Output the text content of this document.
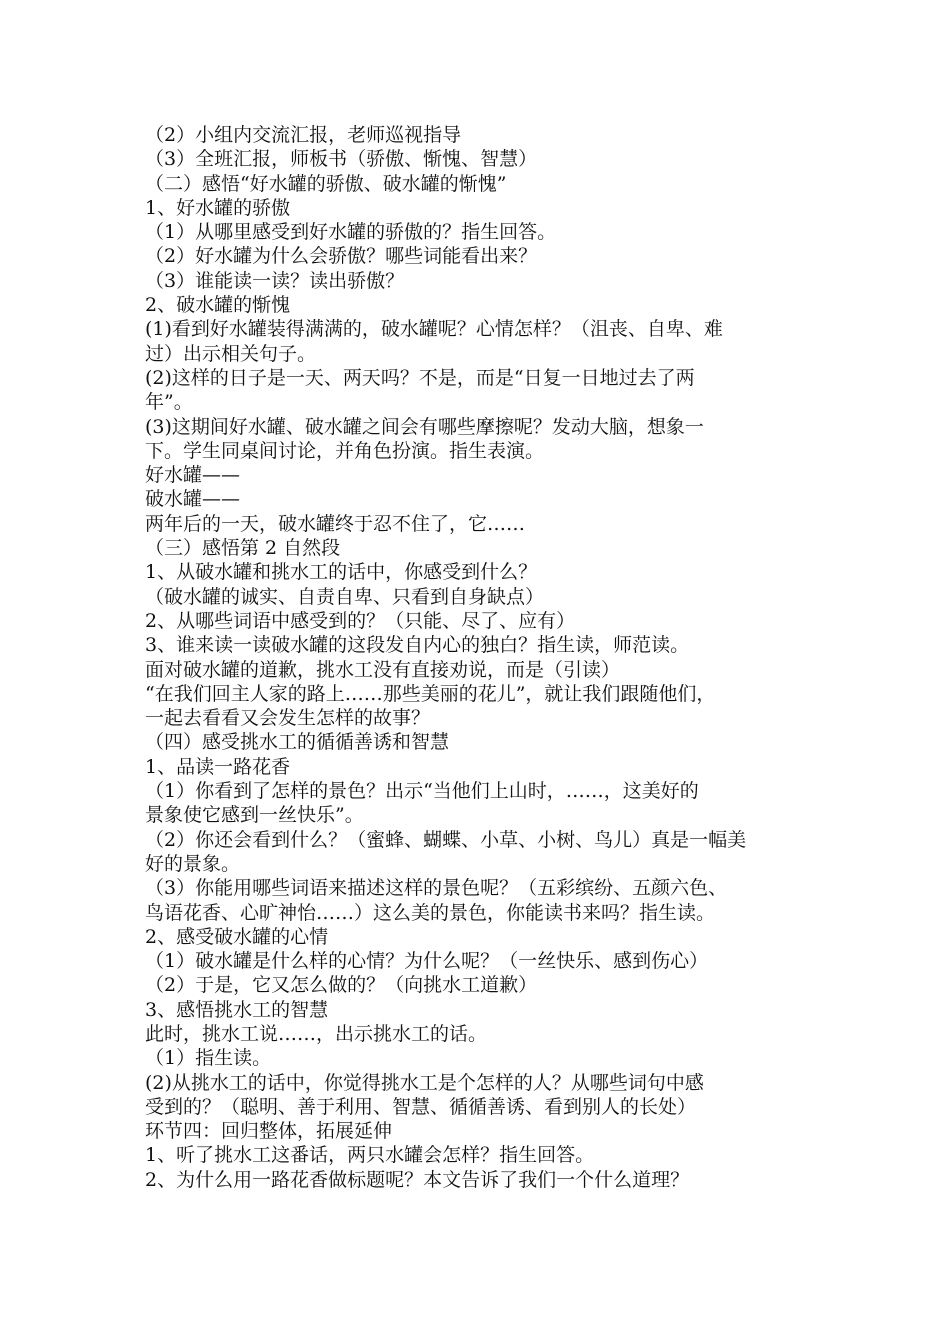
（2）小组内交流汇报，老师巡视指导
（3）全班汇报，师板书（骄傲、惭愧、智慧）
（二）感悟“好水罐的骄傲、破水罐的惭愧”
1、好水罐的骄傲
（1）从哪里感受到好水罐的骄傲的？指生回答。
（2）好水罐为什么会骄傲？哪些词能看出来？
（3）谁能读一读？读出骄傲？
2、破水罐的惭愧
(1)看到好水罐装得满满的，破水罐呢？心情怎样？（沮丧、自卑、难
过）出示相关句子。
(2)这样的日子是一天、两天吗？不是，而是“日复一日地过去了两
年”。
(3)这期间好水罐、破水罐之间会有哪些摩擦呢？发动大脑，想象一
下。学生同桌间讨论，并角色扮演。指生表演。
好水罐——
破水罐——
两年后的一天，破水罐终于忍不住了，它……
（三）感悟第 2 自然段
1、从破水罐和挑水工的话中，你感受到什么？
（破水罐的诚实、自责自卑、只看到自身缺点）
2、从哪些词语中感受到的？（只能、尽了、应有）
3、谁来读一读破水罐的这段发自内心的独白？指生读，师范读。
面对破水罐的道歉，挑水工没有直接劝说，而是（引读）
“在我们回主人家的路上……那些美丽的花儿”，就让我们跟随他们，
一起去看看又会发生怎样的故事？
（四）感受挑水工的循循善诱和智慧
1、品读一路花香
（1）你看到了怎样的景色？出示“当他们上山时，……，这美好的
景象使它感到一丝快乐”。
（2）你还会看到什么？（蜜蜂、蝴蝶、小草、小树、鸟儿）真是一幅美
好的景象。
（3）你能用哪些词语来描述这样的景色呢？（五彩缤纷、五颜六色、
鸟语花香、心旷神怡……）这么美的景色，你能读书来吗？指生读。
2、感受破水罐的心情
（1）破水罐是什么样的心情？为什么呢？（一丝快乐、感到伤心）
（2）于是，它又怎么做的？（向挑水工道歉）
3、感悟挑水工的智慧
此时，挑水工说……，出示挑水工的话。
（1）指生读。
(2)从挑水工的话中，你觉得挑水工是个怎样的人？从哪些词句中感
受到的？（聪明、善于利用、智慧、循循善诱、看到别人的长处）
环节四：回归整体，拓展延伸
1、听了挑水工这番话，两只水罐会怎样？指生回答。
2、为什么用一路花香做标题呢？本文告诉了我们一个什么道理？
